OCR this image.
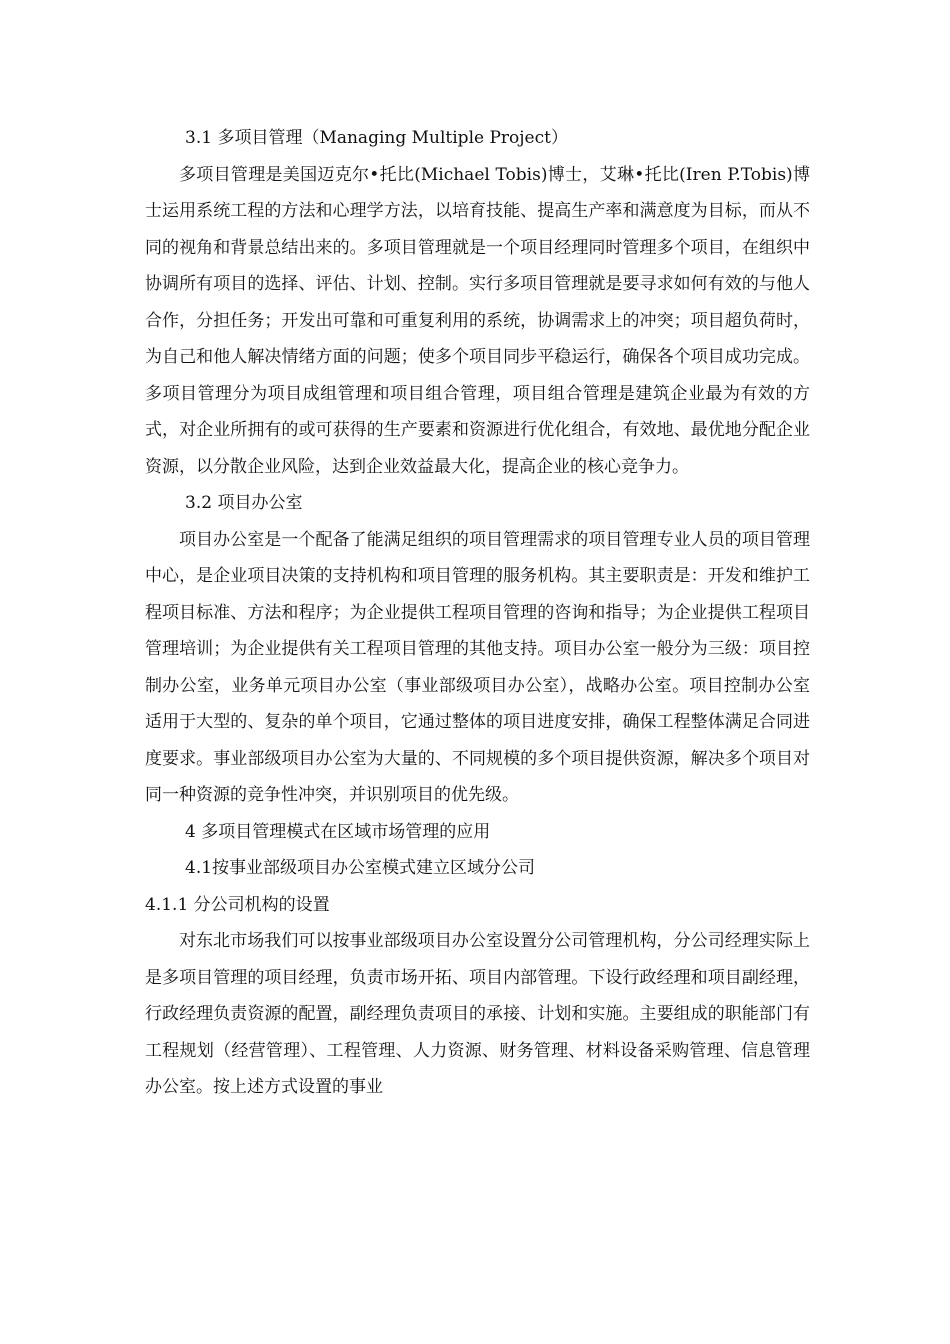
3.1 多项目管理（Managing Multiple Project）

多项目管理是美国迈克尔•托比(Michael Tobis)博士，艾琳•托比(Iren P.Tobis)博士运用系统工程的方法和心理学方法，以培育技能、提高生产率和满意度为目标，而从不同的视角和背景总结出来的。多项目管理就是一个项目经理同时管理多个项目，在组织中协调所有项目的选择、评估、计划、控制。实行多项目管理就是要寻求如何有效的与他人合作，分担任务；开发出可靠和可重复利用的系统，协调需求上的冲突；项目超负荷时，为自己和他人解决情绪方面的问题；使多个项目同步平稳运行，确保各个项目成功完成。多项目管理分为项目成组管理和项目组合管理，项目组合管理是建筑企业最为有效的方式，对企业所拥有的或可获得的生产要素和资源进行优化组合，有效地、最优地分配企业资源，以分散企业风险，达到企业效益最大化，提高企业的核心竞争力。

3.2 项目办公室

项目办公室是一个配备了能满足组织的项目管理需求的项目管理专业人员的项目管理中心，是企业项目决策的支持机构和项目管理的服务机构。其主要职责是：开发和维护工程项目标准、方法和程序；为企业提供工程项目管理的咨询和指导；为企业提供工程项目管理培训；为企业提供有关工程项目管理的其他支持。项目办公室一般分为三级：项目控制办公室，业务单元项目办公室（事业部级项目办公室），战略办公室。项目控制办公室适用于大型的、复杂的单个项目，它通过整体的项目进度安排，确保工程整体满足合同进度要求。事业部级项目办公室为大量的、不同规模的多个项目提供资源，解决多个项目对同一种资源的竞争性冲突，并识别项目的优先级。

4 多项目管理模式在区域市场管理的应用

4.1按事业部级项目办公室模式建立区域分公司

4.1.1 分公司机构的设置

对东北市场我们可以按事业部级项目办公室设置分公司管理机构，分公司经理实际上是多项目管理的项目经理，负责市场开拓、项目内部管理。下设行政经理和项目副经理，行政经理负责资源的配置，副经理负责项目的承接、计划和实施。主要组成的职能部门有工程规划（经营管理）、工程管理、人力资源、财务管理、材料设备采购管理、信息管理办公室。按上述方式设置的事业
